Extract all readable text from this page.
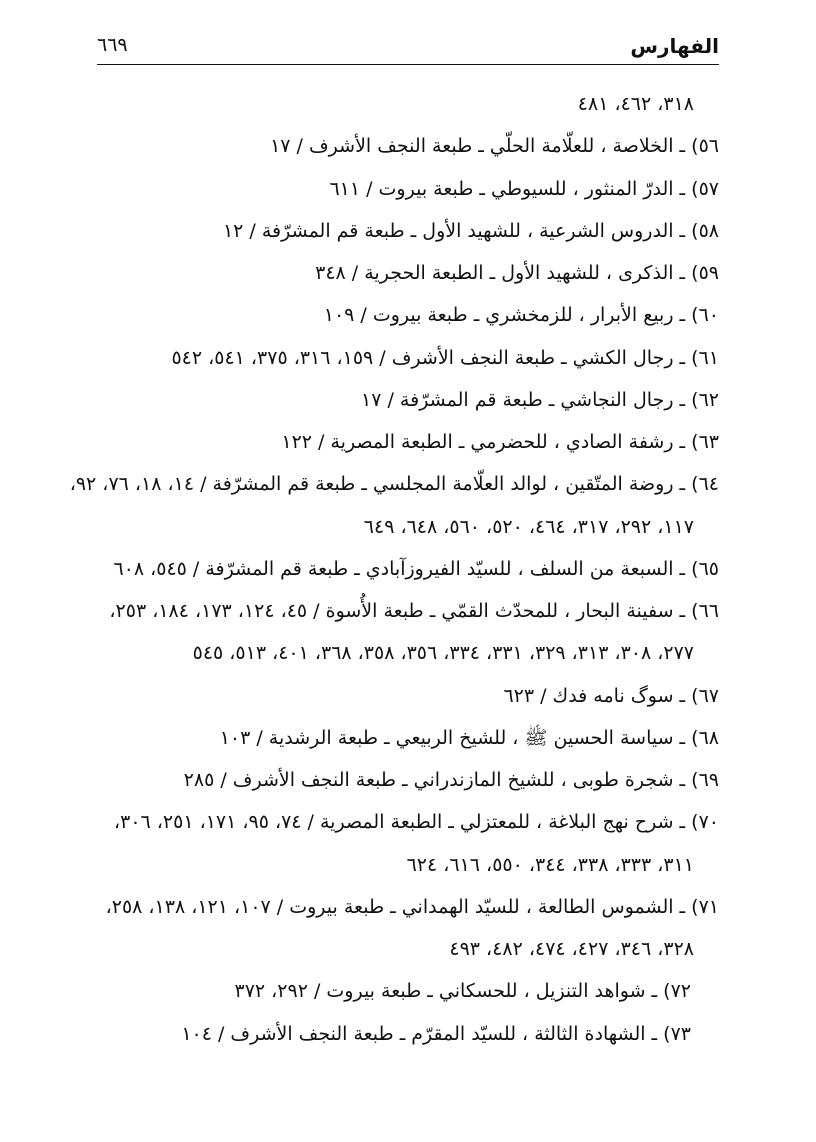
الفهارس
٦٦٩
٣١٨، ٤٦٢، ٤٨١
٥٦) ـ الخلاصة ، للعلّامة الحلّي ـ طبعة النجف الأشرف / ١٧
٥٧) ـ الدرّ المنثور ، للسيوطي ـ طبعة بيروت / ٦١١
٥٨) ـ الدروس الشرعية ، للشهيد الأول ـ طبعة قم المشرّفة / ١٢
٥٩) ـ الذكرى ، للشهيد الأول ـ الطبعة الحجرية / ٣٤٨
٦٠) ـ ربيع الأبرار ، للزمخشري ـ طبعة بيروت / ١٠٩
٦١) ـ رجال الكشي ـ طبعة النجف الأشرف / ١٥٩، ٣١٦، ٣٧٥، ٥٤١، ٥٤٢
٦٢) ـ رجال النجاشي ـ طبعة قم المشرّفة / ١٧
٦٣) ـ رشفة الصادي ، للحضرمي ـ الطبعة المصرية / ١٢٢
٦٤) ـ روضة المتّقين ، لوالد العلّامة المجلسي ـ طبعة قم المشرّفة / ١٤، ١٨، ٧٦، ٩٢،
١١٧، ٢٩٢، ٣١٧، ٤٦٤، ٥٢٠، ٥٦٠، ٦٤٨، ٦٤٩
٦٥) ـ السبعة من السلف ، للسيّد الفيروزآبادي ـ طبعة قم المشرّفة / ٥٤٥، ٦٠٨
٦٦) ـ سفينة البحار ، للمحدّث القمّي ـ طبعة الأُسوة / ٤٥، ١٢٤، ١٧٣، ١٨٤، ٢٥٣،
٢٧٧، ٣٠٨، ٣١٣، ٣٢٩، ٣٣١، ٣٣٤، ٣٥٦، ٣٥٨، ٣٦٨، ٤٠١، ٥١٣، ٥٤٥
٦٧) ـ سوگ نامه فدك / ٦٢٣
٦٨) ـ سياسة الحسين ﷺ ، للشيخ الربيعي ـ طبعة الرشدية / ١٠٣
٦٩) ـ شجرة طوبى ، للشيخ المازندراني ـ طبعة النجف الأشرف / ٢٨٥
٧٠) ـ شرح نهج البلاغة ، للمعتزلي ـ الطبعة المصرية / ٧٤، ٩٥، ١٧١، ٢٥١، ٣٠٦،
٣١١، ٣٣٣، ٣٣٨، ٣٤٤، ٥٥٠، ٦١٦، ٦٢٤
٧١) ـ الشموس الطالعة ، للسيّد الهمداني ـ طبعة بيروت / ١٠٧، ١٢١، ١٣٨، ٢٥٨،
٣٢٨، ٣٤٦، ٤٢٧، ٤٧٤، ٤٨٢، ٤٩٣
٧٢) ـ شواهد التنزيل ، للحسكاني ـ طبعة بيروت / ٢٩٢، ٣٧٢
٧٣) ـ الشهادة الثالثة ، للسيّد المقرّم ـ طبعة النجف الأشرف / ١٠٤
